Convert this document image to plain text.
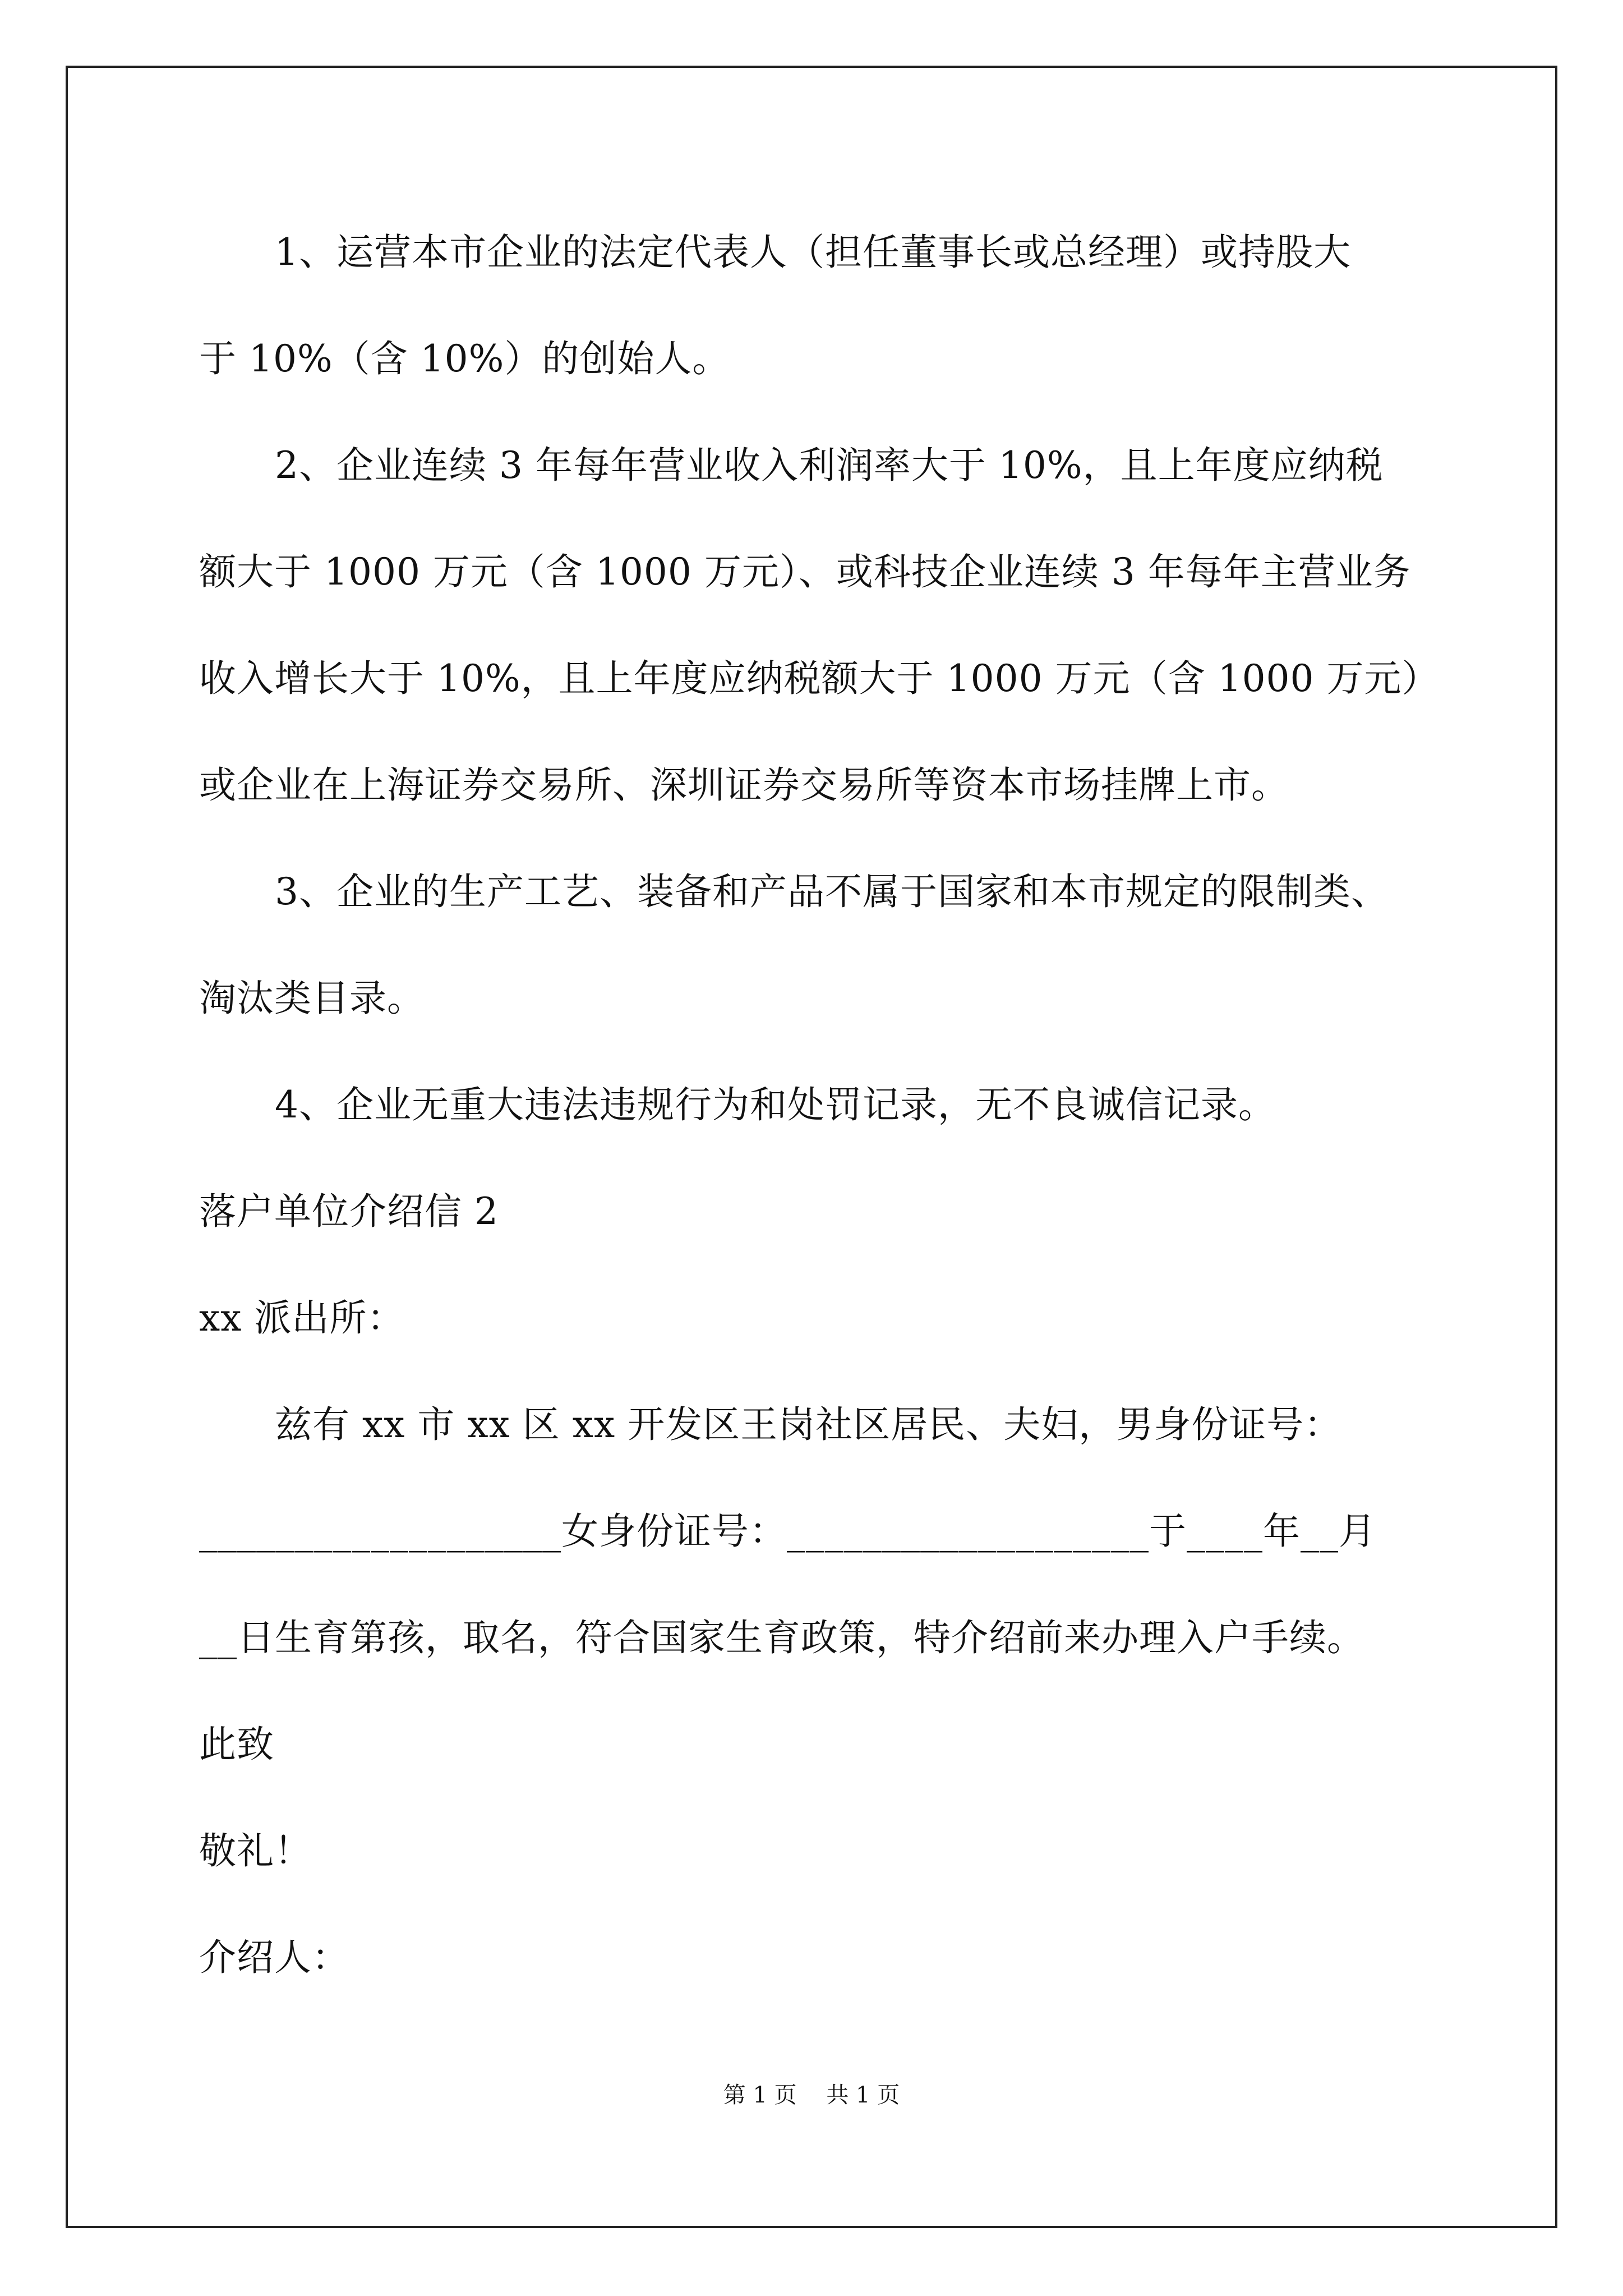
1、运营本市企业的法定代表人（担任董事长或总经理）或持股大
于 10%（含 10%）的创始人。
2、企业连续 3 年每年营业收入利润率大于 10%，且上年度应纳税
额大于 1000 万元（含 1000 万元）、或科技企业连续 3 年每年主营业务
收入增长大于 10%，且上年度应纳税额大于 1000 万元（含 1000 万元）
或企业在上海证券交易所、深圳证券交易所等资本市场挂牌上市。
3、企业的生产工艺、装备和产品不属于国家和本市规定的限制类、
淘汰类目录。
4、企业无重大违法违规行为和处罚记录，无不良诚信记录。
落户单位介绍信 2
xx 派出所：
兹有 xx 市 xx 区 xx 开发区王岗社区居民、夫妇，男身份证号：
___________________女身份证号：___________________于____年__月
__日生育第孩，取名，符合国家生育政策，特介绍前来办理入户手续。
此致
敬礼！
介绍人：
第 1 页　 共 1 页
